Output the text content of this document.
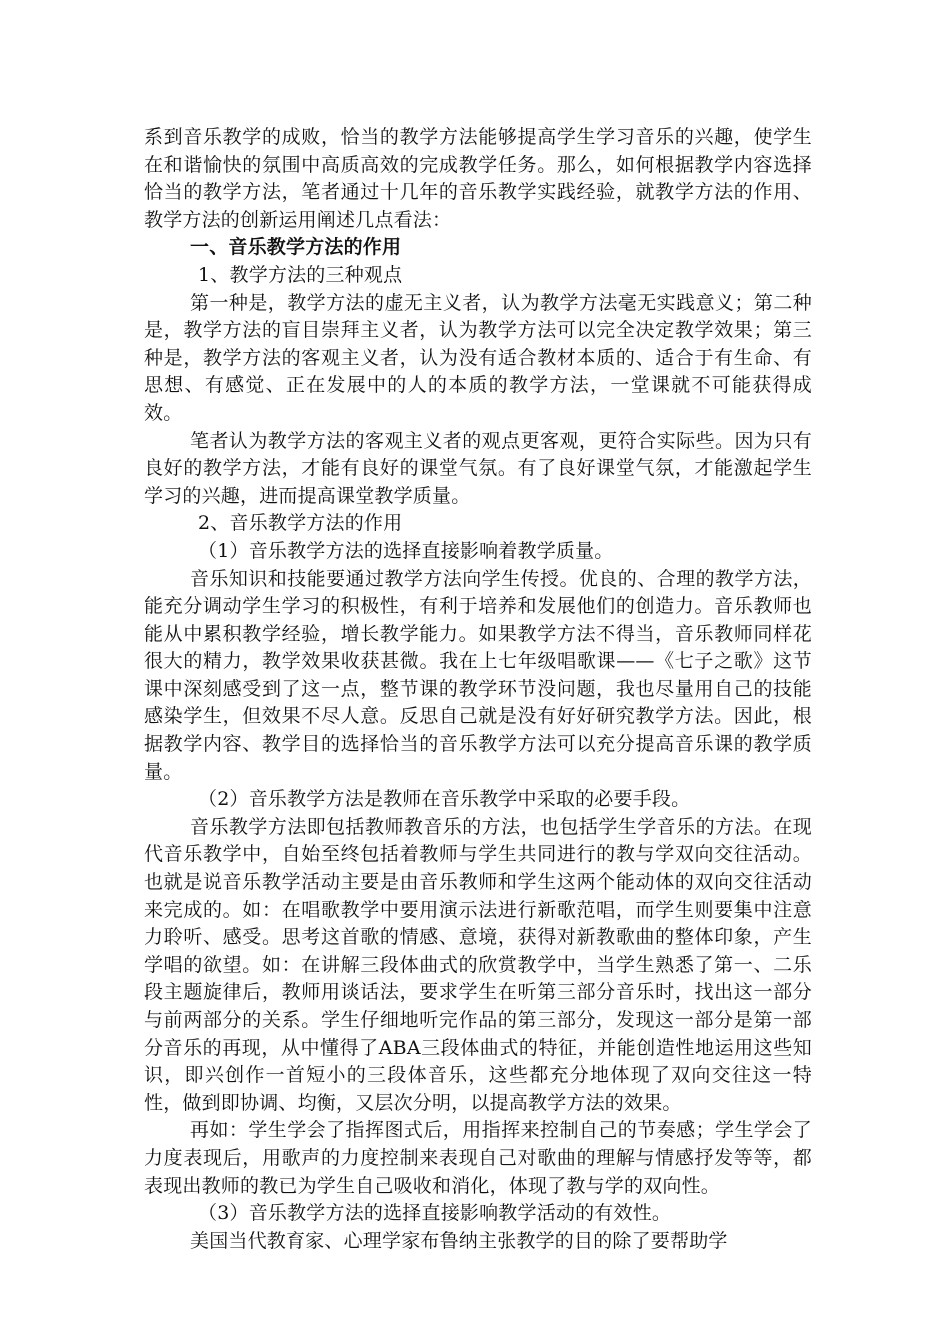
系到音乐教学的成败，恰当的教学方法能够提高学生学习音乐的兴趣，使学生在和谐愉快的氛围中高质高效的完成教学任务。那么，如何根据教学内容选择恰当的教学方法，笔者通过十几年的音乐教学实践经验，就教学方法的作用、教学方法的创新运用阐述几点看法：

一、音乐教学方法的作用

1、教学方法的三种观点

第一种是，教学方法的虚无主义者，认为教学方法毫无实践意义；第二种是，教学方法的盲目崇拜主义者，认为教学方法可以完全决定教学效果；第三种是，教学方法的客观主义者，认为没有适合教材本质的、适合于有生命、有思想、有感觉、正在发展中的人的本质的教学方法，一堂课就不可能获得成效。

笔者认为教学方法的客观主义者的观点更客观，更符合实际些。因为只有良好的教学方法，才能有良好的课堂气氛。有了良好课堂气氛，才能激起学生学习的兴趣，进而提高课堂教学质量。

2、音乐教学方法的作用

（1）音乐教学方法的选择直接影响着教学质量。

音乐知识和技能要通过教学方法向学生传授。优良的、合理的教学方法，能充分调动学生学习的积极性，有利于培养和发展他们的创造力。音乐教师也能从中累积教学经验，增长教学能力。如果教学方法不得当，音乐教师同样花很大的精力，教学效果收获甚微。我在上七年级唱歌课——《七子之歌》这节课中深刻感受到了这一点，整节课的教学环节没问题，我也尽量用自己的技能感染学生，但效果不尽人意。反思自己就是没有好好研究教学方法。因此，根据教学内容、教学目的选择恰当的音乐教学方法可以充分提高音乐课的教学质量。

（2）音乐教学方法是教师在音乐教学中采取的必要手段。

音乐教学方法即包括教师教音乐的方法，也包括学生学音乐的方法。在现代音乐教学中，自始至终包括着教师与学生共同进行的教与学双向交往活动。也就是说音乐教学活动主要是由音乐教师和学生这两个能动体的双向交往活动来完成的。如：在唱歌教学中要用演示法进行新歌范唱，而学生则要集中注意力聆听、感受。思考这首歌的情感、意境，获得对新教歌曲的整体印象，产生学唱的欲望。如：在讲解三段体曲式的欣赏教学中，当学生熟悉了第一、二乐段主题旋律后，教师用谈话法，要求学生在听第三部分音乐时，找出这一部分与前两部分的关系。学生仔细地听完作品的第三部分，发现这一部分是第一部分音乐的再现，从中懂得了ABA三段体曲式的特征，并能创造性地运用这些知识，即兴创作一首短小的三段体音乐，这些都充分地体现了双向交往这一特性，做到即协调、均衡，又层次分明，以提高教学方法的效果。

再如：学生学会了指挥图式后，用指挥来控制自己的节奏感；学生学会了力度表现后，用歌声的力度控制来表现自己对歌曲的理解与情感抒发等等，都表现出教师的教已为学生自己吸收和消化，体现了教与学的双向性。

（3）音乐教学方法的选择直接影响教学活动的有效性。

美国当代教育家、心理学家布鲁纳主张教学的目的除了要帮助学
